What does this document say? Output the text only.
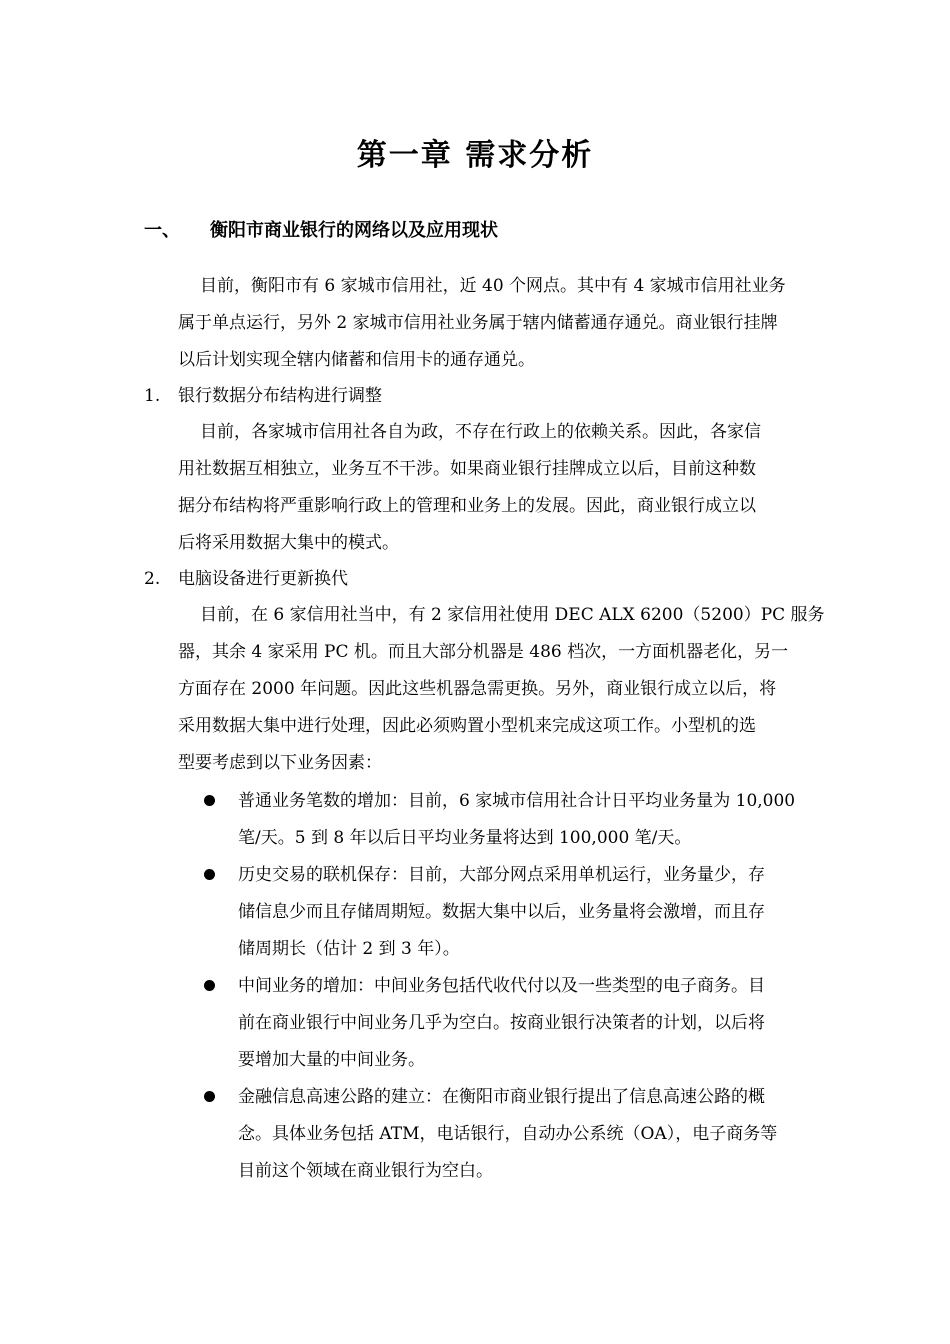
第一章 需求分析
一、 衡阳市商业银行的网络以及应用现状
目前，衡阳市有 6 家城市信用社，近 40 个网点。其中有 4 家城市信用社业务
属于单点运行，另外 2 家城市信用社业务属于辖内储蓄通存通兑。商业银行挂牌
以后计划实现全辖内储蓄和信用卡的通存通兑。
1. 银行数据分布结构进行调整
目前，各家城市信用社各自为政，不存在行政上的依赖关系。因此，各家信
用社数据互相独立，业务互不干涉。如果商业银行挂牌成立以后，目前这种数
据分布结构将严重影响行政上的管理和业务上的发展。因此，商业银行成立以
后将采用数据大集中的模式。
2. 电脑设备进行更新换代
目前，在 6 家信用社当中，有 2 家信用社使用 DEC ALX 6200（5200）PC 服务
器，其余 4 家采用 PC 机。而且大部分机器是 486 档次，一方面机器老化，另一
方面存在 2000 年问题。因此这些机器急需更换。另外，商业银行成立以后，将
采用数据大集中进行处理，因此必须购置小型机来完成这项工作。小型机的选
型要考虑到以下业务因素：
普通业务笔数的增加：目前，6 家城市信用社合计日平均业务量为 10,000
笔/天。5 到 8 年以后日平均业务量将达到 100,000 笔/天。
历史交易的联机保存：目前，大部分网点采用单机运行，业务量少，存
储信息少而且存储周期短。数据大集中以后，业务量将会激增，而且存
储周期长（估计 2 到 3 年）。
中间业务的增加：中间业务包括代收代付以及一些类型的电子商务。目
前在商业银行中间业务几乎为空白。按商业银行决策者的计划，以后将
要增加大量的中间业务。
金融信息高速公路的建立：在衡阳市商业银行提出了信息高速公路的概
念。具体业务包括 ATM，电话银行，自动办公系统（OA），电子商务等
目前这个领域在商业银行为空白。
